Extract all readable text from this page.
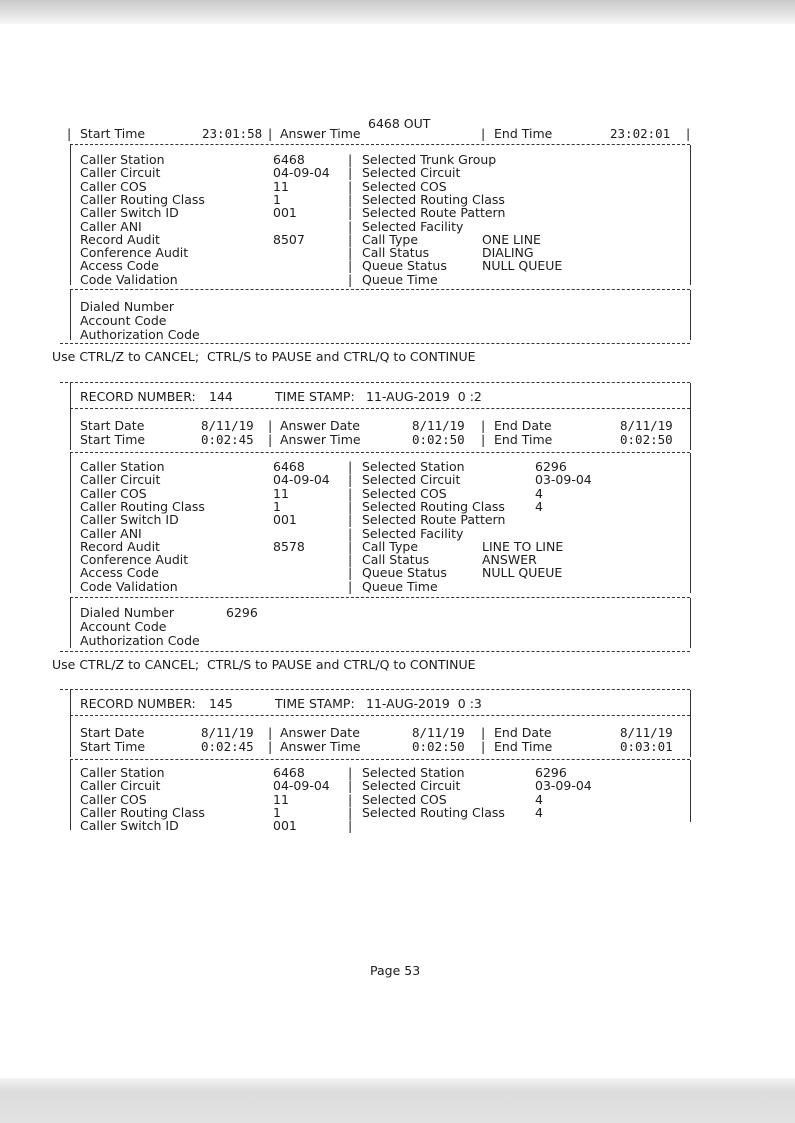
6468 OUT
| Start Time	23:01:58 | Answer Time	| End Time	23:02:01 |
Caller Station	6468	| Selected Trunk Group
Caller Circuit	04-09-04 | Selected Circuit
Caller COS	11	| Selected COS
Caller Routing Class	1	| Selected Routing Class
Caller Switch ID	001	| Selected Route Pattern
Caller ANI	| Selected Facility
Record Audit	8507	| Call Type	ONE LINE
Conference Audit	| Call Status	DIALING
Access Code	| Queue Status	NULL QUEUE
Code Validation	| Queue Time
Dialed Number
Account Code
Authorization Code
Use CTRL/Z to CANCEL;  CTRL/S to PAUSE and CTRL/Q to CONTINUE
RECORD NUMBER: 144	TIME STAMP: 11-AUG-2019  0 :2
Start Date	8/11/19 | Answer Date	8/11/19 | End Date	8/11/19
Start Time	0:02:45 | Answer Time	0:02:50 | End Time	0:02:50
Caller Station	6468	| Selected Station	6296
Caller Circuit	04-09-04 | Selected Circuit	03-09-04
Caller COS	11	| Selected COS	4
Caller Routing Class	1	| Selected Routing Class 4
Caller Switch ID	001	| Selected Route Pattern
Caller ANI	| Selected Facility
Record Audit	8578	| Call Type	LINE TO LINE
Conference Audit	| Call Status	ANSWER
Access Code	| Queue Status	NULL QUEUE
Code Validation	| Queue Time
Dialed Number	6296
Account Code
Authorization Code
Use CTRL/Z to CANCEL;  CTRL/S to PAUSE and CTRL/Q to CONTINUE
RECORD NUMBER: 145	TIME STAMP: 11-AUG-2019  0 :3
Start Date	8/11/19 | Answer Date	8/11/19 | End Date	8/11/19
Start Time	0:02:45 | Answer Time	0:02:50 | End Time	0:03:01
Caller Station	6468	| Selected Station	6296
Caller Circuit	04-09-04 | Selected Circuit	03-09-04
Caller COS	11	| Selected COS	4
Caller Routing Class	1	| Selected Routing Class 4
Caller Switch ID	001	|
Page 53
